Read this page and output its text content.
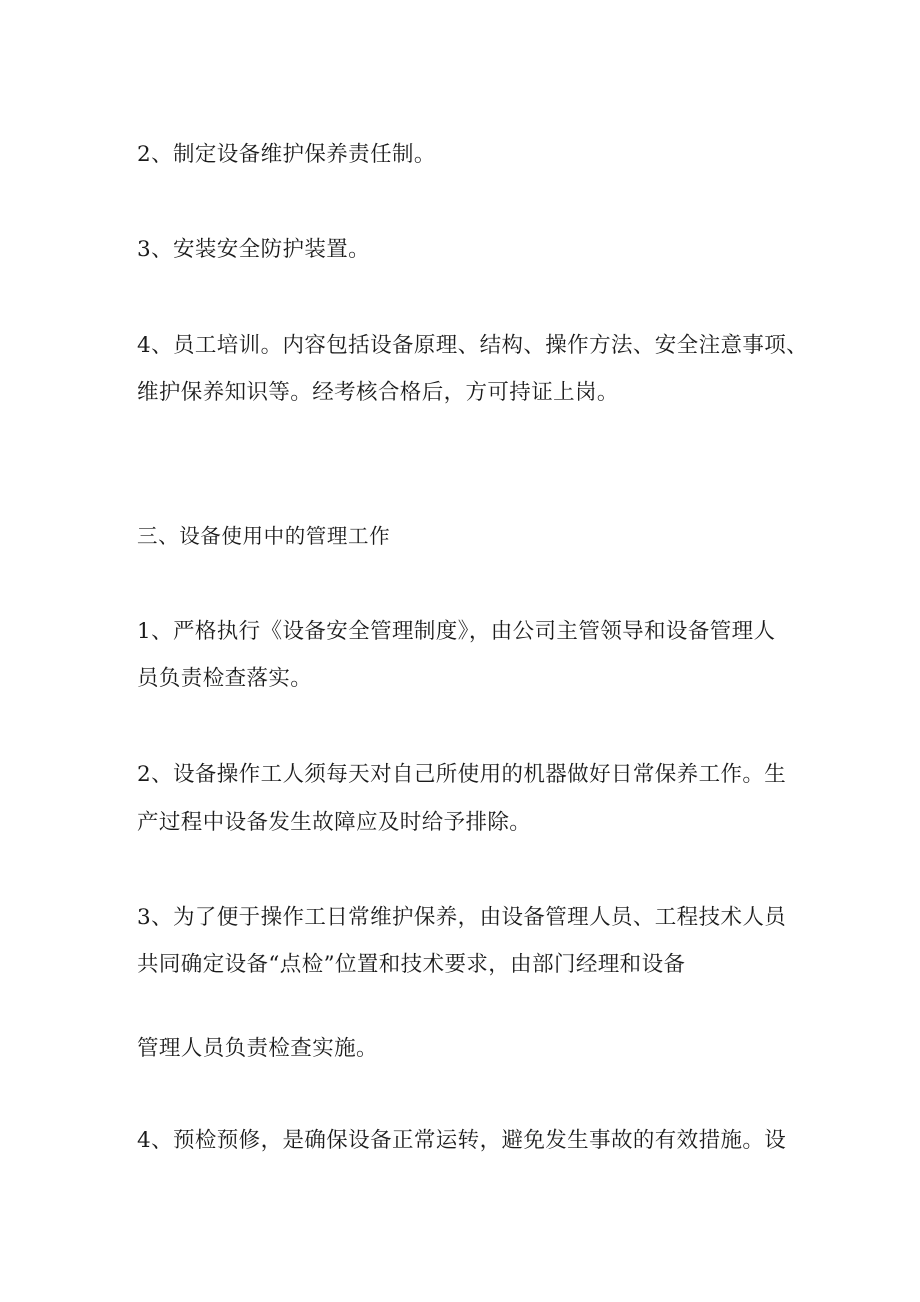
2、制定设备维护保养责任制。
3、安装安全防护装置。
4、员工培训。内容包括设备原理、结构、操作方法、安全注意事项、
维护保养知识等。经考核合格后，方可持证上岗。
三、设备使用中的管理工作
1、严格执行《设备安全管理制度》，由公司主管领导和设备管理人
员负责检查落实。
2、设备操作工人须每天对自己所使用的机器做好日常保养工作。生
产过程中设备发生故障应及时给予排除。
3、为了便于操作工日常维护保养，由设备管理人员、工程技术人员
共同确定设备“点检”位置和技术要求，由部门经理和设备
管理人员负责检查实施。
4、预检预修，是确保设备正常运转，避免发生事故的有效措施。设
